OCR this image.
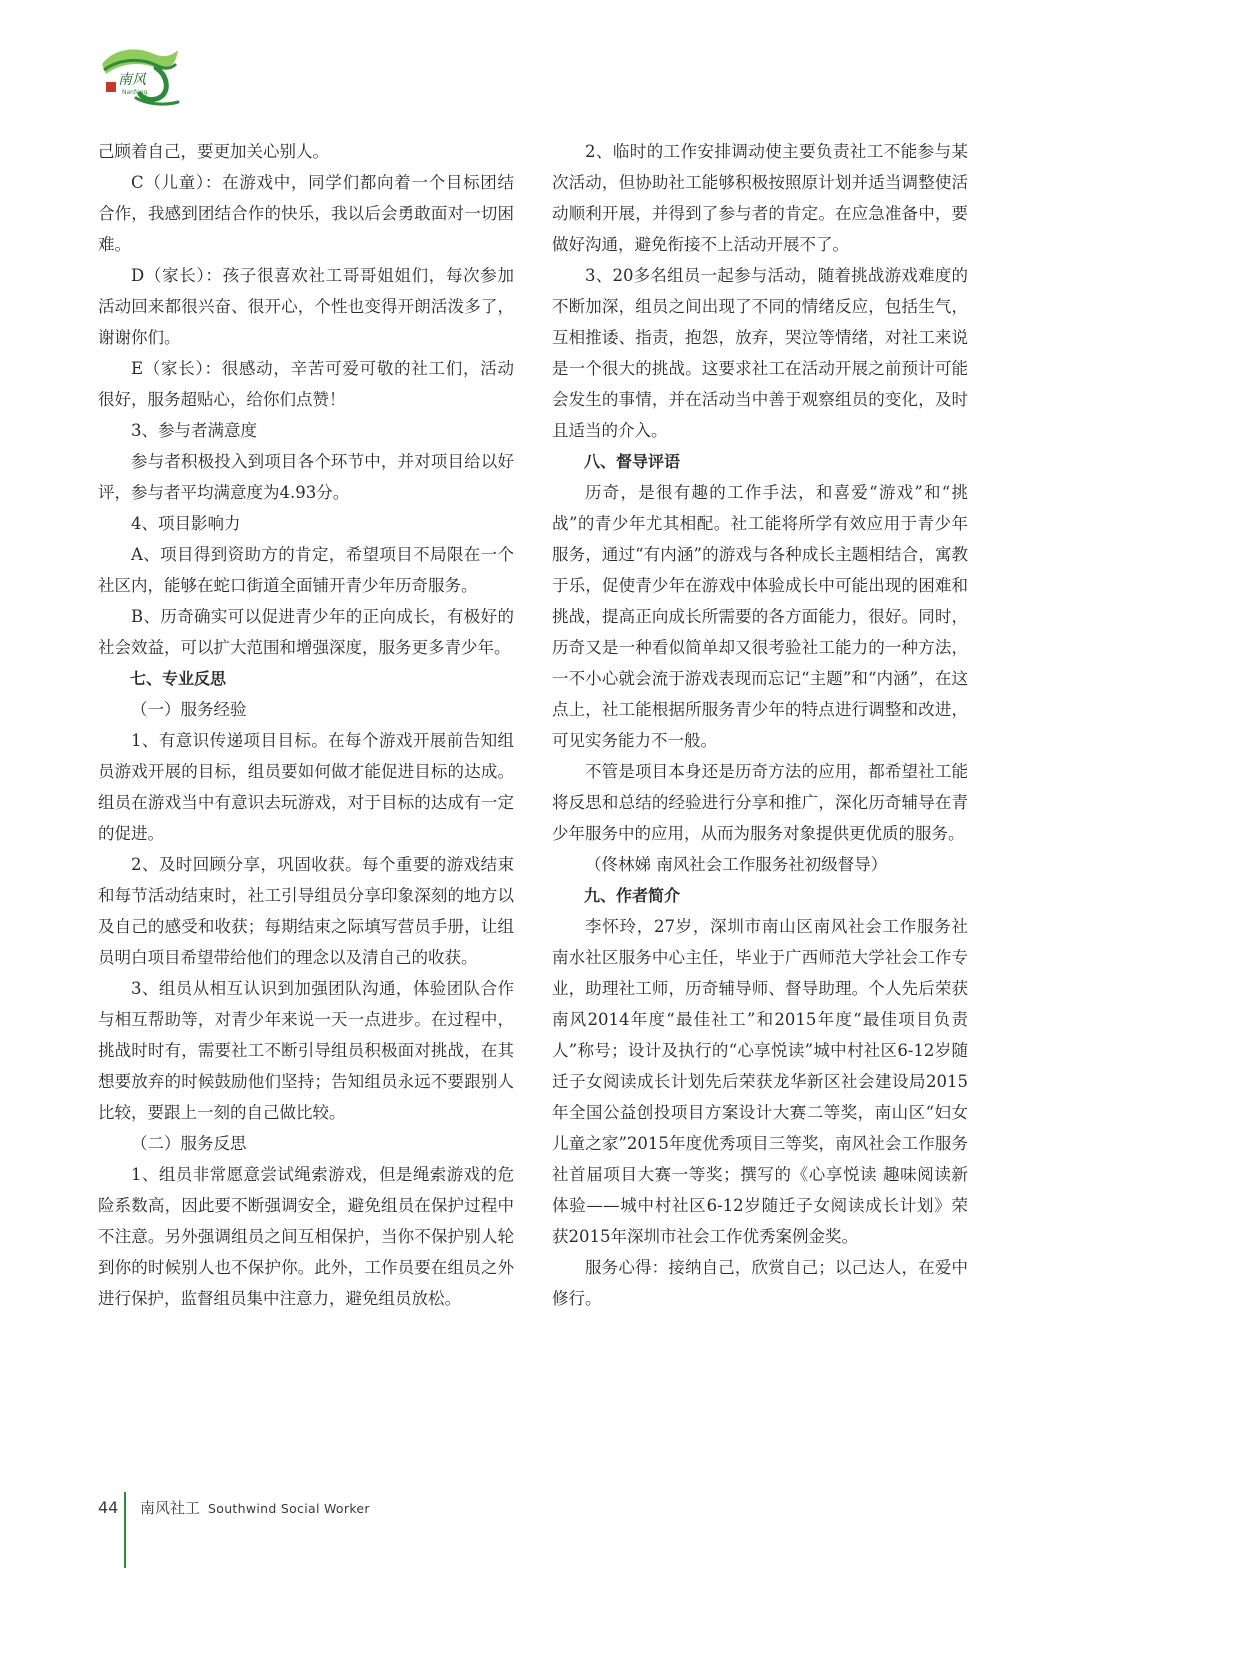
南风
Nanfeng

己顾着自己，要更加关心别人。

C（儿童）：在游戏中，同学们都向着一个目标团结合作，我感到团结合作的快乐，我以后会勇敢面对一切困难。

D（家长）：孩子很喜欢社工哥哥姐姐们，每次参加活动回来都很兴奋、很开心，个性也变得开朗活泼多了，谢谢你们。

E（家长）：很感动，辛苦可爱可敬的社工们，活动很好，服务超贴心，给你们点赞！

3、参与者满意度

参与者积极投入到项目各个环节中，并对项目给以好评，参与者平均满意度为4.93分。

4、项目影响力

A、项目得到资助方的肯定，希望项目不局限在一个社区内，能够在蛇口街道全面铺开青少年历奇服务。

B、历奇确实可以促进青少年的正向成长，有极好的社会效益，可以扩大范围和增强深度，服务更多青少年。

七、专业反思

（一）服务经验

1、有意识传递项目目标。在每个游戏开展前告知组员游戏开展的目标，组员要如何做才能促进目标的达成。组员在游戏当中有意识去玩游戏，对于目标的达成有一定的促进。

2、及时回顾分享，巩固收获。每个重要的游戏结束和每节活动结束时，社工引导组员分享印象深刻的地方以及自己的感受和收获；每期结束之际填写营员手册，让组员明白项目希望带给他们的理念以及清自己的收获。

3、组员从相互认识到加强团队沟通，体验团队合作与相互帮助等，对青少年来说一天一点进步。在过程中，挑战时时有，需要社工不断引导组员积极面对挑战，在其想要放弃的时候鼓励他们坚持；告知组员永远不要跟别人比较，要跟上一刻的自己做比较。

（二）服务反思

1、组员非常愿意尝试绳索游戏，但是绳索游戏的危险系数高，因此要不断强调安全，避免组员在保护过程中不注意。另外强调组员之间互相保护，当你不保护别人轮到你的时候别人也不保护你。此外，工作员要在组员之外进行保护，监督组员集中注意力，避免组员放松。

2、临时的工作安排调动使主要负责社工不能参与某次活动，但协助社工能够积极按照原计划并适当调整使活动顺利开展，并得到了参与者的肯定。在应急准备中，要做好沟通，避免衔接不上活动开展不了。

3、20多名组员一起参与活动，随着挑战游戏难度的不断加深，组员之间出现了不同的情绪反应，包括生气，互相推诿、指责，抱怨，放弃，哭泣等情绪，对社工来说是一个很大的挑战。这要求社工在活动开展之前预计可能会发生的事情，并在活动当中善于观察组员的变化，及时且适当的介入。

八、督导评语

历奇，是很有趣的工作手法，和喜爱“游戏”和“挑战”的青少年尤其相配。社工能将所学有效应用于青少年服务，通过“有内涵”的游戏与各种成长主题相结合，寓教于乐，促使青少年在游戏中体验成长中可能出现的困难和挑战，提高正向成长所需要的各方面能力，很好。同时，历奇又是一种看似简单却又很考验社工能力的一种方法，一不小心就会流于游戏表现而忘记“主题”和“内涵”，在这点上，社工能根据所服务青少年的特点进行调整和改进，可见实务能力不一般。

不管是项目本身还是历奇方法的应用，都希望社工能将反思和总结的经验进行分享和推广，深化历奇辅导在青少年服务中的应用，从而为服务对象提供更优质的服务。

（佟林娣 南风社会工作服务社初级督导）

九、作者简介

李怀玲，27岁，深圳市南山区南风社会工作服务社南水社区服务中心主任，毕业于广西师范大学社会工作专业，助理社工师，历奇辅导师、督导助理。个人先后荣获南风2014年度“最佳社工”和2015年度“最佳项目负责人”称号；设计及执行的“心享悦读”城中村社区6-12岁随迁子女阅读成长计划先后荣获龙华新区社会建设局2015年全国公益创投项目方案设计大赛二等奖，南山区“妇女儿童之家”2015年度优秀项目三等奖，南风社会工作服务社首届项目大赛一等奖；撰写的《心享悦读 趣味阅读新体验——城中村社区6-12岁随迁子女阅读成长计划》荣获2015年深圳市社会工作优秀案例金奖。

服务心得：接纳自己，欣赏自己；以己达人，在爱中修行。

44 南风社工 Southwind Social Worker
